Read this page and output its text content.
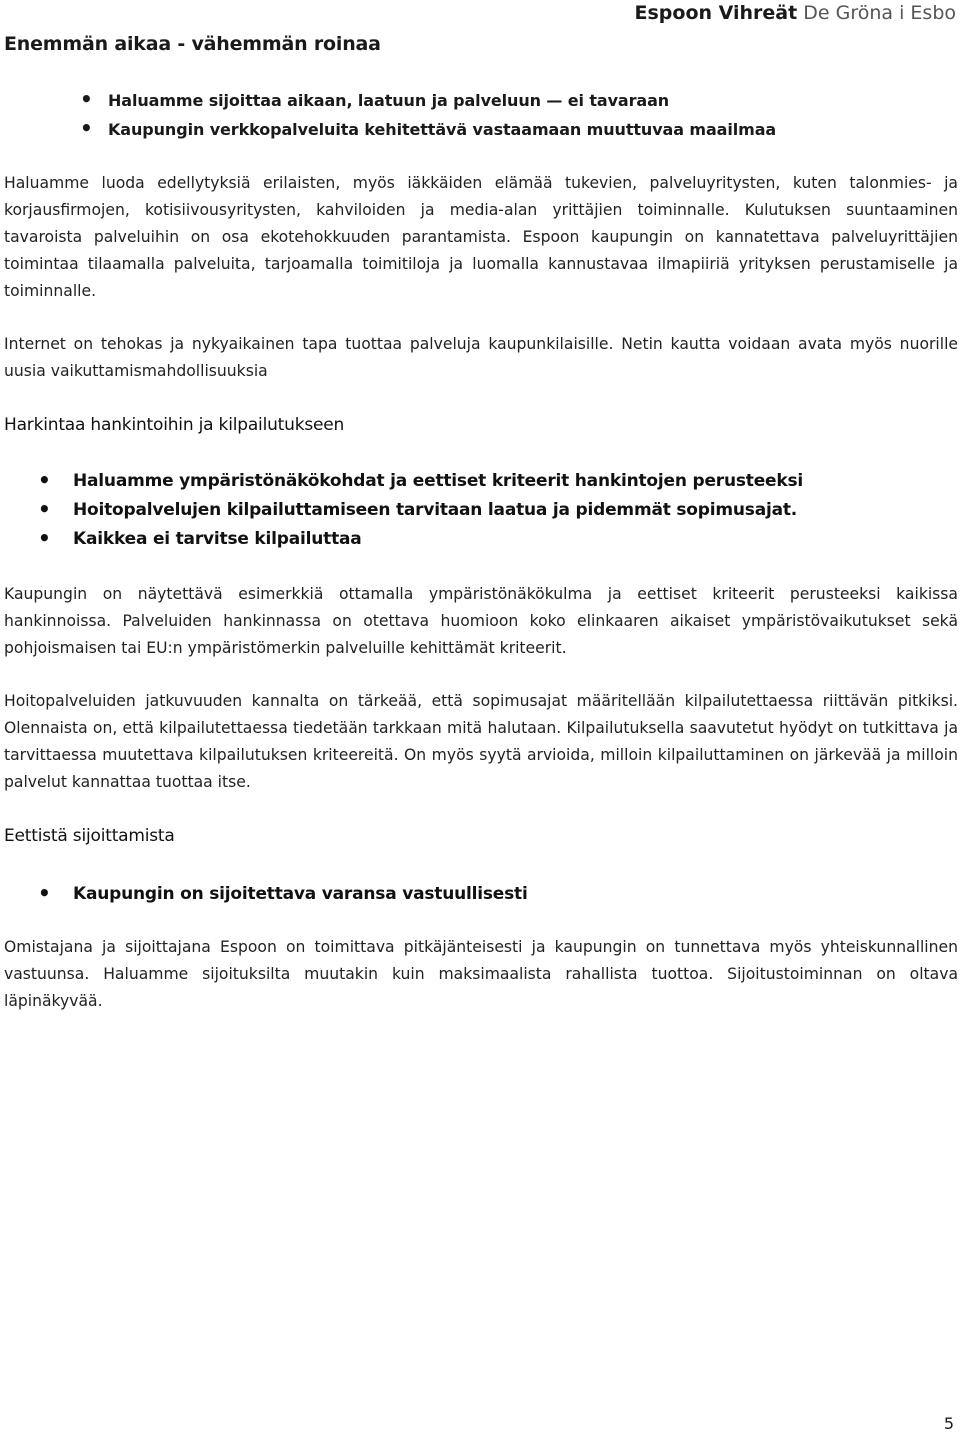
Enemmän aikaa - vähemmän roinaa
Espoon Vihreät De Gröna i Esbo
• Haluamme sijoittaa aikaan, laatuun ja palveluun — ei tavaraan
• Kaupungin verkkopalveluita kehitettävä vastaamaan muuttuvaa maailmaa

Haluamme luoda edellytyksiä erilaisten, myös iäkkäiden elämää tukevien, palveluyritysten, kuten talonmies- ja korjausfirmojen, kotisiivousyritysten, kahviloiden ja media-alan yrittäjien toiminnalle. Kulutuksen suuntaaminen tavaroista palveluihin on osa ekotehokkuuden parantamista. Espoon kaupungin on kannatettava palveluyrittäjien toimintaa tilaamalla palveluita, tarjoamalla toimitiloja ja luomalla kannustavaa ilmapiiriä yrityksen perustamiselle ja toiminnalle.

Internet on tehokas ja nykyaikainen tapa tuottaa palveluja kaupunkilaisille. Netin kautta voidaan avata myös nuorille uusia vaikuttamismahdollisuuksia

Harkintaa hankintoihin ja kilpailutukseen
• Haluamme ympäristönäkökohdat ja eettiset kriteerit hankintojen perusteeksi
• Hoitopalvelujen kilpailuttamiseen tarvitaan laatua ja pidemmät sopimusajat.
• Kaikkea ei tarvitse kilpailuttaa

Kaupungin on näytettävä esimerkkiä ottamalla ympäristönäkökulma ja eettiset kriteerit perusteeksi kaikissa hankinnoissa. Palveluiden hankinnassa on otettava huomioon koko elinkaaren aikaiset ympäristövaikutukset sekä pohjoismaisen tai EU:n ympäristömerkin palveluille kehittämät kriteerit.

Hoitopalveluiden jatkuvuuden kannalta on tärkeää, että sopimusajat määritellään kilpailutettaessa riittävän pitkiksi. Olennaista on, että kilpailutettaessa tiedetään tarkkaan mitä halutaan. Kilpailutuksella saavutetut hyödyt on tutkittava ja tarvittaessa muutettava kilpailutuksen kriteereitä. On myös syytä arvioida, milloin kilpailuttaminen on järkevää ja milloin palvelut kannattaa tuottaa itse.

Eettistä sijoittamista
• Kaupungin on sijoitettava varansa vastuullisesti

Omistajana ja sijoittajana Espoon on toimittava pitkäjänteisesti ja kaupungin on tunnettava myös yhteiskunnallinen vastuunsa. Haluamme sijoituksilta muutakin kuin maksimaalista rahallista tuottoa. Sijoitustoiminnan on oltava läpinäkyvää.

5
